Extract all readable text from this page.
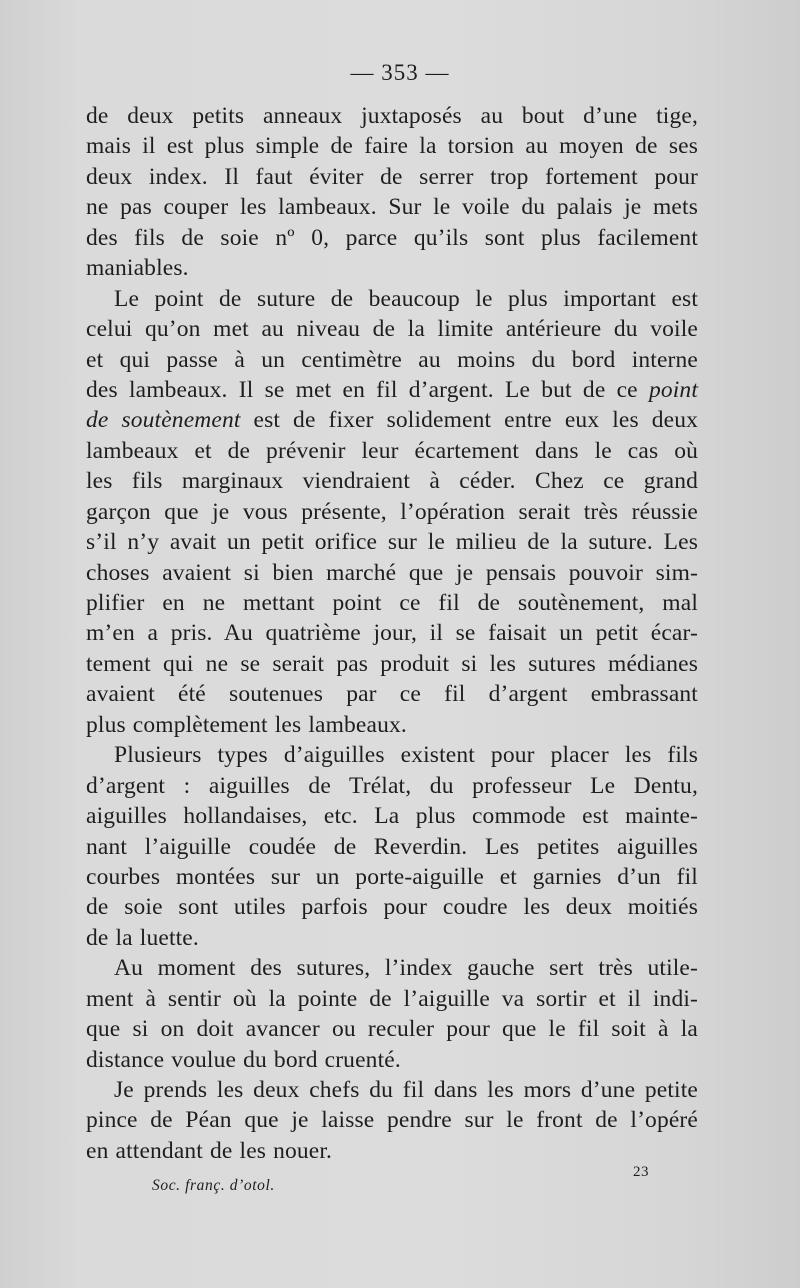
— 353 —
de deux petits anneaux juxtaposés au bout d’une tige,
mais il est plus simple de faire la torsion au moyen de ses
deux index. Il faut éviter de serrer trop fortement pour
ne pas couper les lambeaux. Sur le voile du palais je mets
des fils de soie nº 0, parce qu’ils sont plus facilement
maniables.
Le point de suture de beaucoup le plus important est
celui qu’on met au niveau de la limite antérieure du voile
et qui passe à un centimètre au moins du bord interne
des lambeaux. Il se met en fil d’argent. Le but de ce point
de soutènement est de fixer solidement entre eux les deux
lambeaux et de prévenir leur écartement dans le cas où
les fils marginaux viendraient à céder. Chez ce grand
garçon que je vous présente, l’opération serait très réussie
s’il n’y avait un petit orifice sur le milieu de la suture. Les
choses avaient si bien marché que je pensais pouvoir sim-
plifier en ne mettant point ce fil de soutènement, mal
m’en a pris. Au quatrième jour, il se faisait un petit écar-
tement qui ne se serait pas produit si les sutures médianes
avaient été soutenues par ce fil d’argent embrassant
plus complètement les lambeaux.
Plusieurs types d’aiguilles existent pour placer les fils
d’argent : aiguilles de Trélat, du professeur Le Dentu,
aiguilles hollandaises, etc. La plus commode est mainte-
nant l’aiguille coudée de Reverdin. Les petites aiguilles
courbes montées sur un porte-aiguille et garnies d’un fil
de soie sont utiles parfois pour coudre les deux moitiés
de la luette.
Au moment des sutures, l’index gauche sert très utile-
ment à sentir où la pointe de l’aiguille va sortir et il indi-
que si on doit avancer ou reculer pour que le fil soit à la
distance voulue du bord cruenté.
Je prends les deux chefs du fil dans les mors d’une petite
pince de Péan que je laisse pendre sur le front de l’opéré
en attendant de les nouer.
Soc. franç. d’otol.
23
